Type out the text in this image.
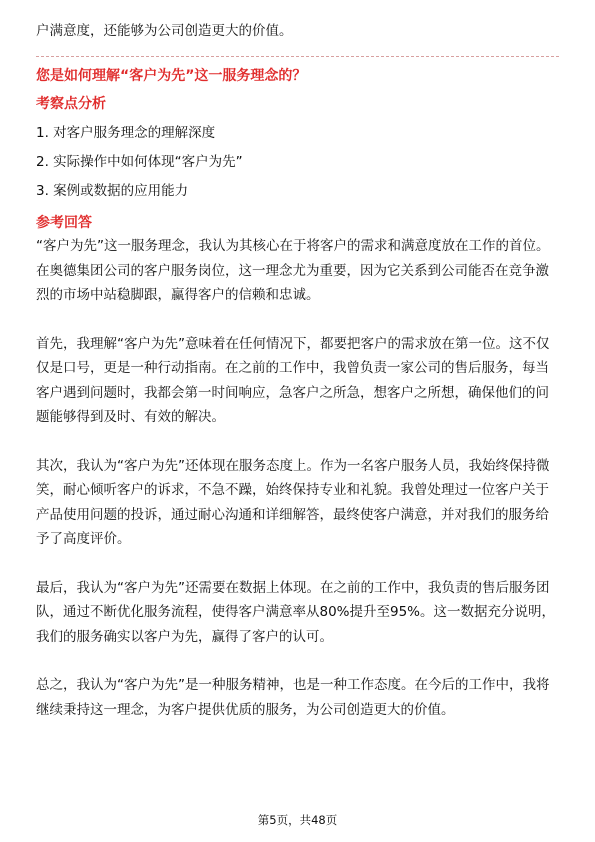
户满意度，还能够为公司创造更大的价值。

您是如何理解“客户为先”这一服务理念的？

考察点分析

1. 对客户服务理念的理解深度
2. 实际操作中如何体现“客户为先”
3. 案例或数据的应用能力

参考回答

“客户为先”这一服务理念，我认为其核心在于将客户的需求和满意度放在工作的首位。在奥德集团公司的客户服务岗位，这一理念尤为重要，因为它关系到公司能否在竞争激烈的市场中站稳脚跟，赢得客户的信赖和忠诚。

首先，我理解“客户为先”意味着在任何情况下，都要把客户的需求放在第一位。这不仅仅是口号，更是一种行动指南。在之前的工作中，我曾负责一家公司的售后服务，每当客户遇到问题时，我都会第一时间响应，急客户之所急，想客户之所想，确保他们的问题能够得到及时、有效的解决。

其次，我认为“客户为先”还体现在服务态度上。作为一名客户服务人员，我始终保持微笑，耐心倾听客户的诉求，不急不躁，始终保持专业和礼貌。我曾处理过一位客户关于产品使用问题的投诉，通过耐心沟通和详细解答，最终使客户满意，并对我们的服务给予了高度评价。

最后，我认为“客户为先”还需要在数据上体现。在之前的工作中，我负责的售后服务团队，通过不断优化服务流程，使得客户满意率从80%提升至95%。这一数据充分说明，我们的服务确实以客户为先，赢得了客户的认可。

总之，我认为“客户为先”是一种服务精神，也是一种工作态度。在今后的工作中，我将继续秉持这一理念，为客户提供优质的服务，为公司创造更大的价值。

第5页，共48页
